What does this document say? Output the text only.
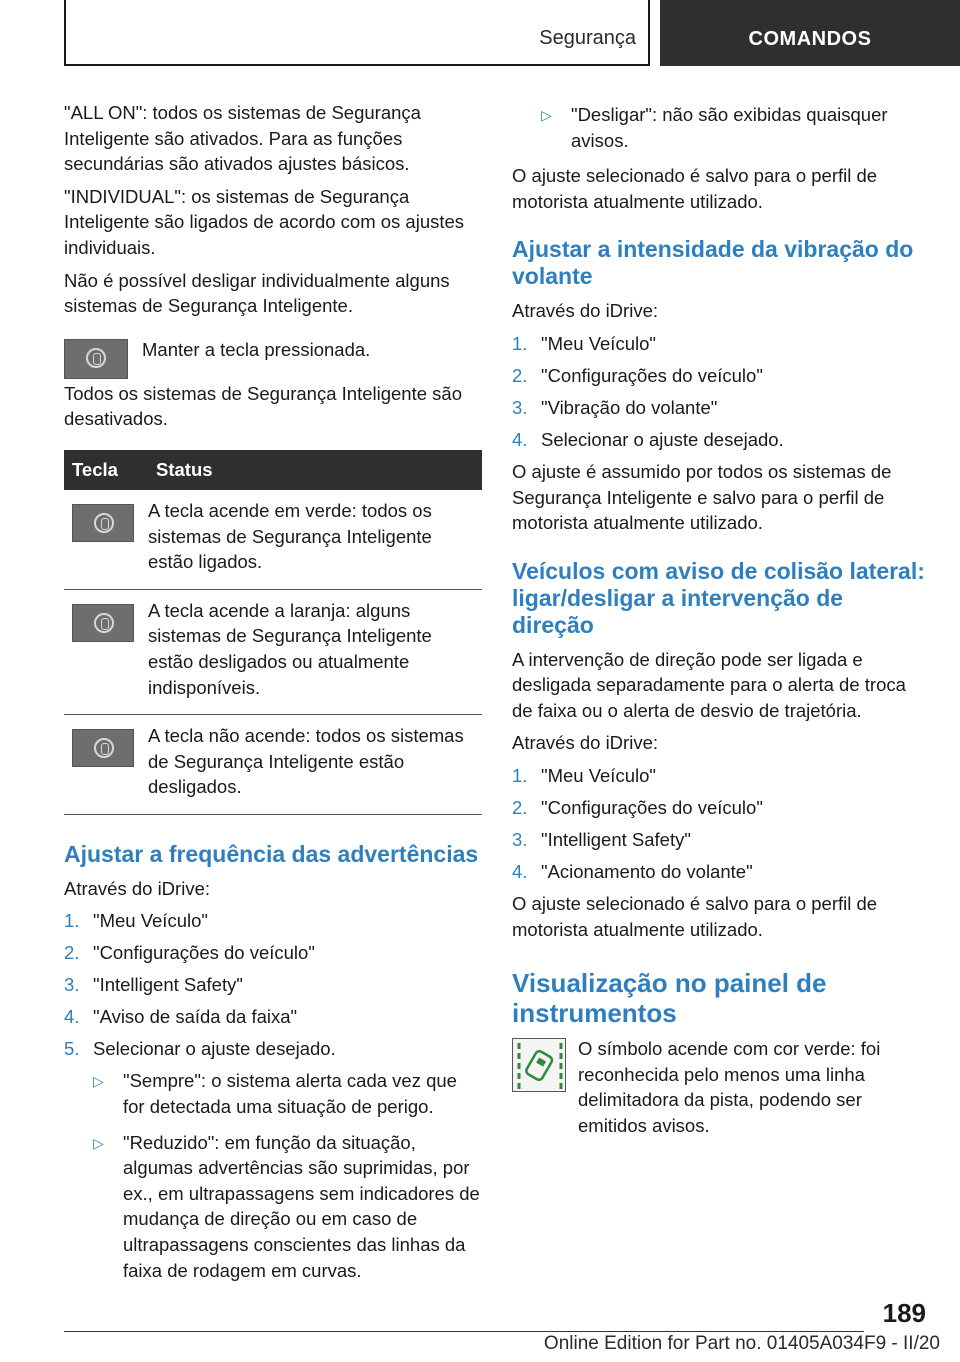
Segurança	COMANDOS

"ALL ON": todos os sistemas de Segurança Inteligente são ativados. Para as funções secundárias são ativados ajustes básicos.

"INDIVIDUAL": os sistemas de Segurança Inteligente são ligados de acordo com os ajustes individuais.

Não é possível desligar individualmente alguns sistemas de Segurança Inteligente.

Manter a tecla pressionada.

Todos os sistemas de Segurança Inteligente são desativados.

Tecla	Status

	A tecla acende em verde: todos os sistemas de Segurança Inteligente estão ligados.

	A tecla acende a laranja: alguns sistemas de Segurança Inteligente estão desligados ou atualmente indisponíveis.

	A tecla não acende: todos os sistemas de Segurança Inteligente estão desligados.
Ajustar a frequência das advertências

Através do iDrive:

1. "Meu Veículo"
2. "Configurações do veículo"
3. "Intelligent Safety"
4. "Aviso de saída da faixa"
5. Selecionar o ajuste desejado.
▷	"Sempre": o sistema alerta cada vez que for detectada uma situação de perigo.
▷	"Reduzido": em função da situação, algumas advertências são suprimidas, por ex., em ultrapassagens sem indicadores de mudança de direção ou em caso de ultrapassagens conscientes das linhas da faixa de rodagem em curvas.
▷	"Desligar": não são exibidas quaisquer avisos.

O ajuste selecionado é salvo para o perfil de motorista atualmente utilizado.

Ajustar a intensidade da vibração do volante

Através do iDrive:

1. "Meu Veículo"
2. "Configurações do veículo"
3. "Vibração do volante"
4. Selecionar o ajuste desejado.

O ajuste é assumido por todos os sistemas de Segurança Inteligente e salvo para o perfil de motorista atualmente utilizado.

Veículos com aviso de colisão lateral: ligar/desligar a intervenção de direção

A intervenção de direção pode ser ligada e desligada separadamente para o alerta de troca de faixa ou o alerta de desvio de trajetória.

Através do iDrive:

1. "Meu Veículo"
2. "Configurações do veículo"
3. "Intelligent Safety"
4. "Acionamento do volante"

O ajuste selecionado é salvo para o perfil de motorista atualmente utilizado.

Visualização no painel de instrumentos

O símbolo acende com cor verde: foi reconhecida pelo menos uma linha delimitadora da pista, podendo ser emitidos avisos.

189
Online Edition for Part no. 01405A034F9 - II/20
